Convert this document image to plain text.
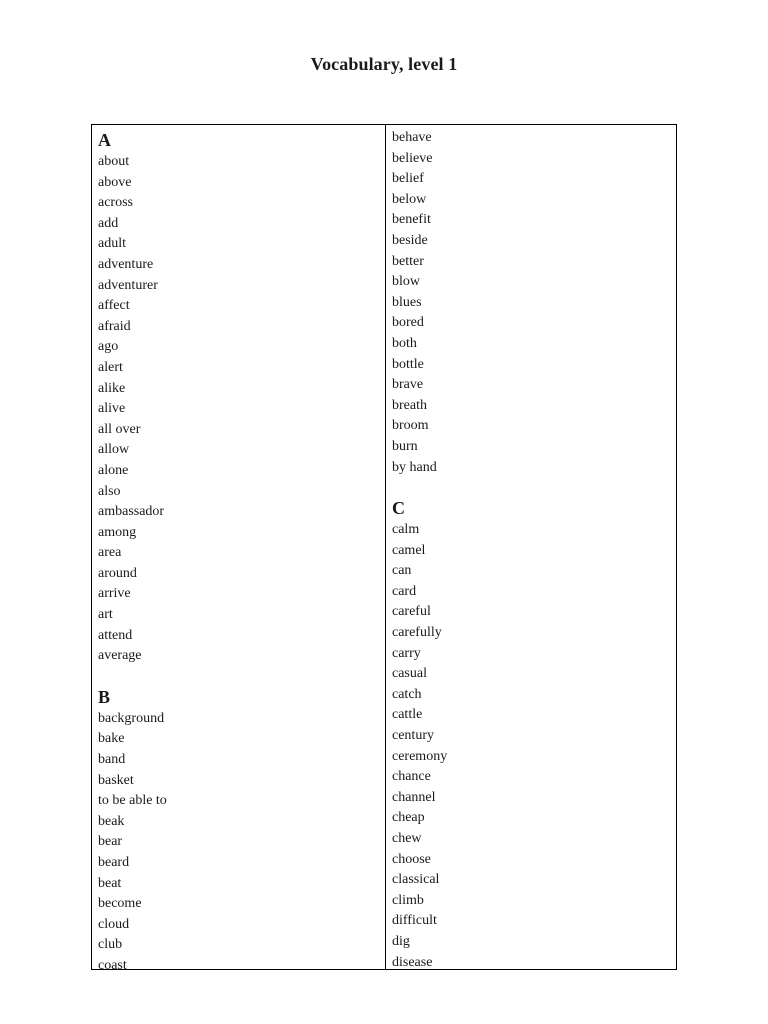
Vocabulary, level 1
A
about
above
across
add
adult
adventure
adventurer
affect
afraid
ago
alert
alike
alive
all over
allow
alone
also
ambassador
among
area
around
arrive
art
attend
average
B
background
bake
band
basket
to be able to
beak
bear
beard
beat
become
cloud
club
coast
behave
believe
belief
below
benefit
beside
better
blow
blues
bored
both
bottle
brave
breath
broom
burn
by hand
C
calm
camel
can
card
careful
carefully
carry
casual
catch
cattle
century
ceremony
chance
channel
cheap
chew
choose
classical
climb
difficult
dig
disease
